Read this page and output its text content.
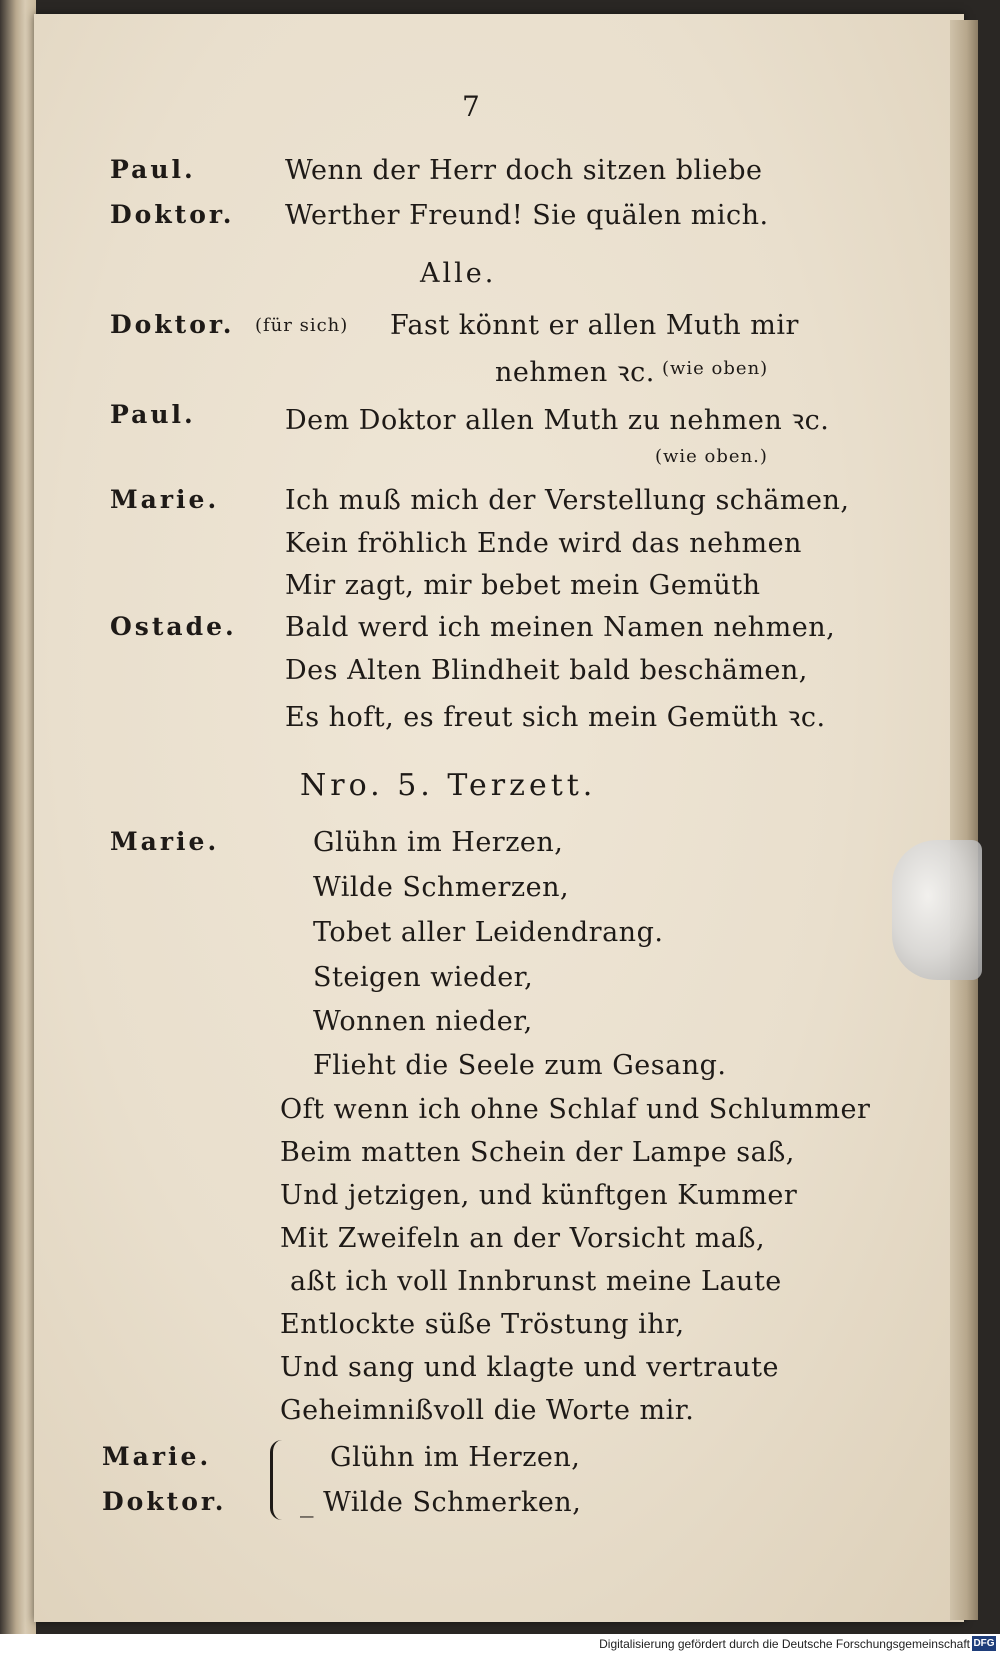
7
Paul.	Wenn der Herr doch sitzen bliebe
Doktor. Werther Freund! Sie quälen mich.
Alle.
Doktor. (für sich) Fast könnt er allen Muth mir
nehmen ꝛc. (wie oben)
Paul.	Dem Doktor allen Muth zu nehmen ꝛc.
(wie oben.)
Marie. Ich muß mich der Verstellung schämen,
Kein fröhlich Ende wird das nehmen
Mir zagt, mir bebet mein Gemüth
Ostade. Bald werd ich meinen Namen nehmen,
Des Alten Blindheit bald beschämen,
Es hoft, es freut sich mein Gemüth ꝛc.
Nro. 5. Terzett.
Marie.	Glühn im Herzen,
Wilde Schmerzen,
Tobet aller Leidendrang.
Steigen wieder,
Wonnen nieder,
Flieht die Seele zum Gesang.
Oft wenn ich ohne Schlaf und Schlummer
Beim matten Schein der Lampe saß,
Und jetzigen, und künftgen Kummer
Mit Zweifeln an der Vorsicht maß,
aßt ich voll Innbrunst meine Laute
Entlockte süße Tröstung ihr,
Und sang und klagte und vertraute
Geheimnißvoll die Worte mir.
Marie.	Glühn im Herzen,
Doktor.	_ Wilde Schmerken,
Digitalisierung gefördert durch die Deutsche Forschungsgemeinschaft DFG
